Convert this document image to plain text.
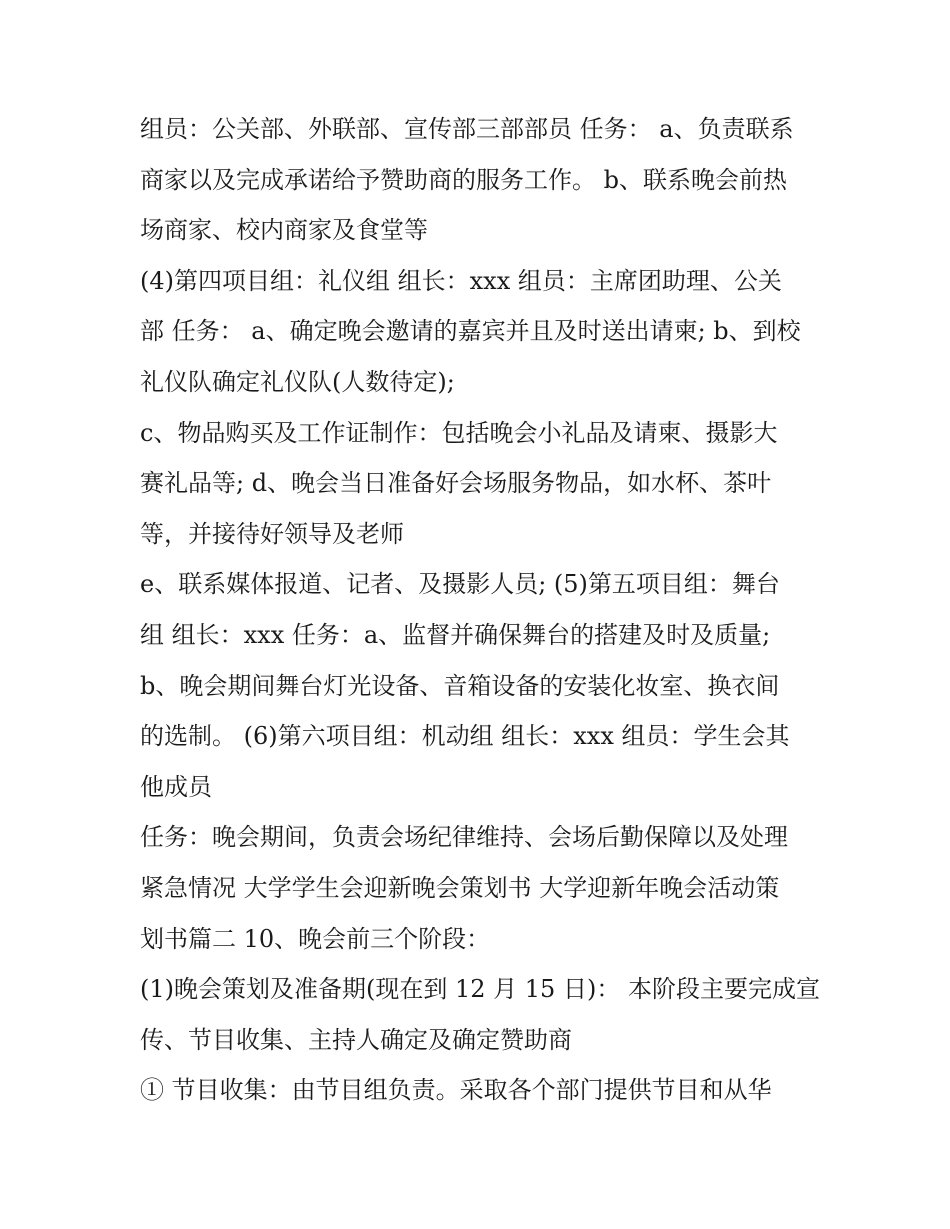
组员：公关部、外联部、宣传部三部部员 任务： a、负责联系
商家以及完成承诺给予赞助商的服务工作。 b、联系晚会前热
场商家、校内商家及食堂等
(4)第四项目组：礼仪组 组长：xxx 组员：主席团助理、公关
部 任务： a、确定晚会邀请的嘉宾并且及时送出请柬; b、到校
礼仪队确定礼仪队(人数待定);
c、物品购买及工作证制作：包括晚会小礼品及请柬、摄影大
赛礼品等; d、晚会当日准备好会场服务物品，如水杯、茶叶
等，并接待好领导及老师
e、联系媒体报道、记者、及摄影人员; (5)第五项目组：舞台
组 组长：xxx 任务：a、监督并确保舞台的搭建及时及质量;
b、晚会期间舞台灯光设备、音箱设备的安装化妆室、换衣间
的选制。 (6)第六项目组：机动组 组长：xxx 组员：学生会其
他成员
任务：晚会期间，负责会场纪律维持、会场后勤保障以及处理
紧急情况 大学学生会迎新晚会策划书 大学迎新年晚会活动策
划书篇二 10、晚会前三个阶段：
(1)晚会策划及准备期(现在到 12 月 15 日)： 本阶段主要完成宣
传、节目收集、主持人确定及确定赞助商
① 节目收集：由节目组负责。采取各个部门提供节目和从华
